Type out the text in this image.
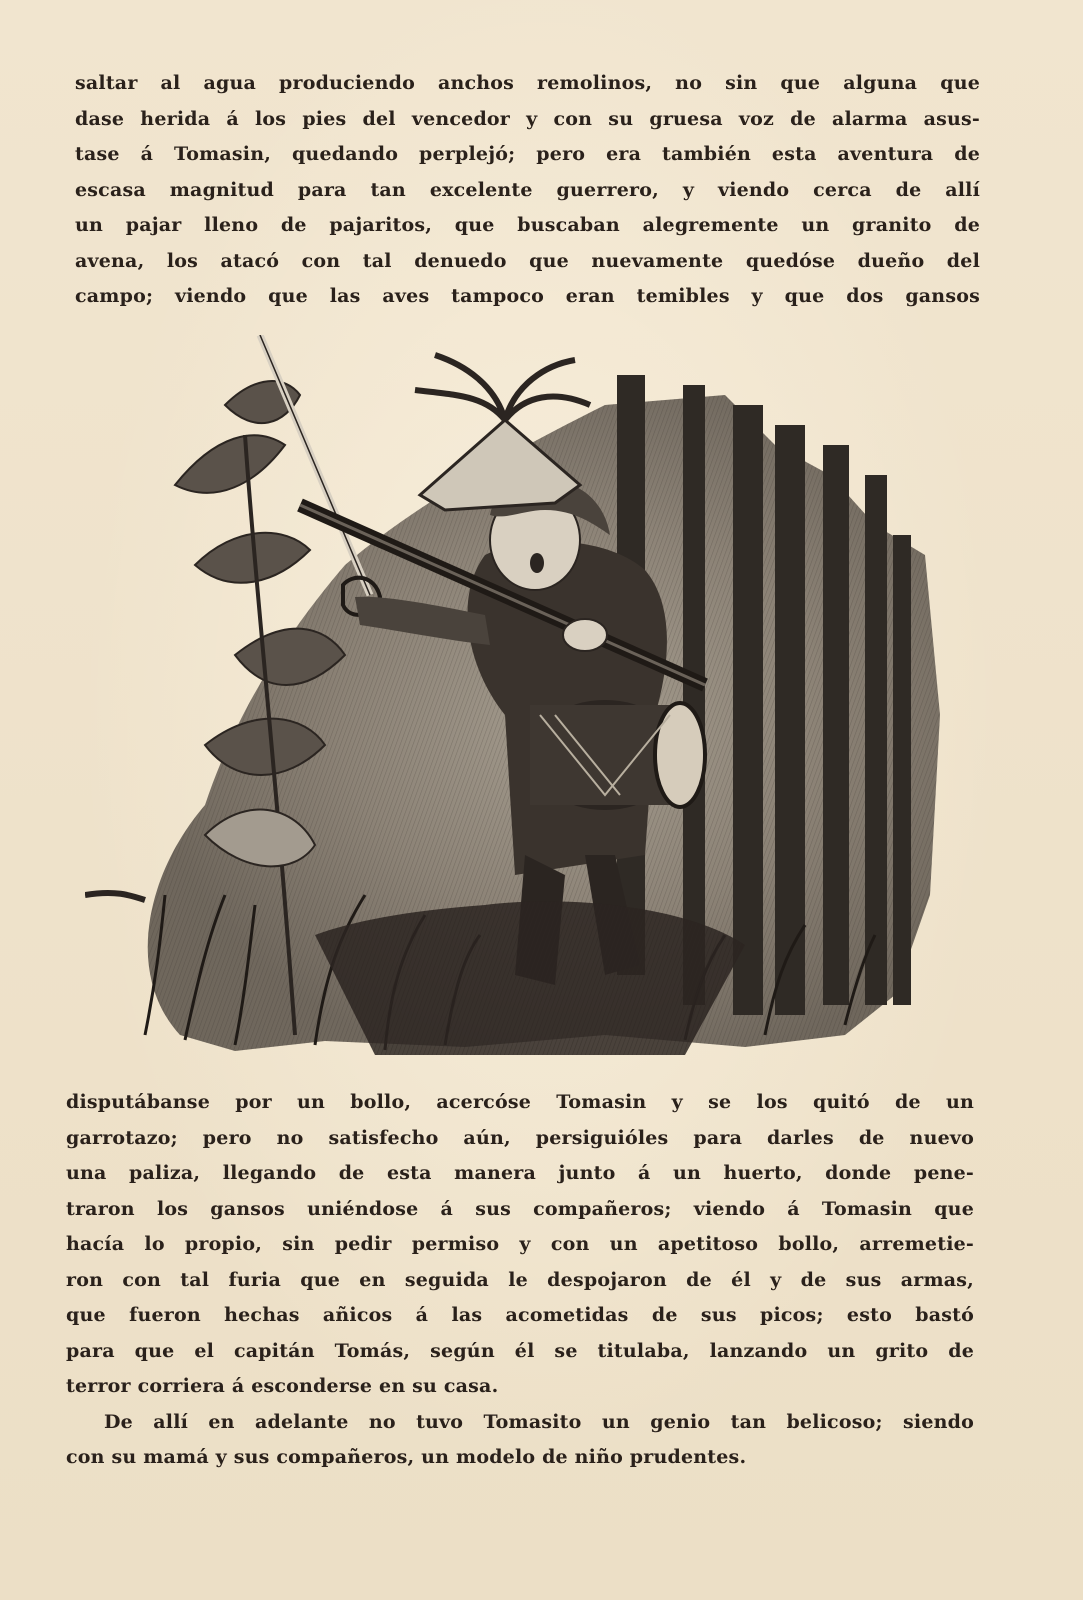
saltar al agua produciendo anchos remolinos, no sin que alguna que
dase herida á los pies del vencedor y con su gruesa voz de alarma asus-
tase á Tomasin, quedando perplejó; pero era también esta aventura de
escasa magnitud para tan excelente guerrero, y viendo cerca de allí
un pajar lleno de pajaritos, que buscaban alegremente un granito de
avena, los atacó con tal denuedo que nuevamente quedóse dueño del
campo; viendo que las aves tampoco eran temibles y que dos gansos
disputábanse por un bollo, acercóse Tomasin y se los quitó de un
garrotazo; pero no satisfecho aún, persiguióles para darles de nuevo
una paliza, llegando de esta manera junto á un huerto, donde pene-
traron los gansos uniéndose á sus compañeros; viendo á Tomasin que
hacía lo propio, sin pedir permiso y con un apetitoso bollo, arremetie-
ron con tal furia que en seguida le despojaron de él y de sus armas,
que fueron hechas añicos á las acometidas de sus picos; esto bastó
para que el capitán Tomás, según él se titulaba, lanzando un grito de
terror corriera á esconderse en su casa.
De allí en adelante no tuvo Tomasito un genio tan belicoso; siendo
con su mamá y sus compañeros, un modelo de niño prudentes.
